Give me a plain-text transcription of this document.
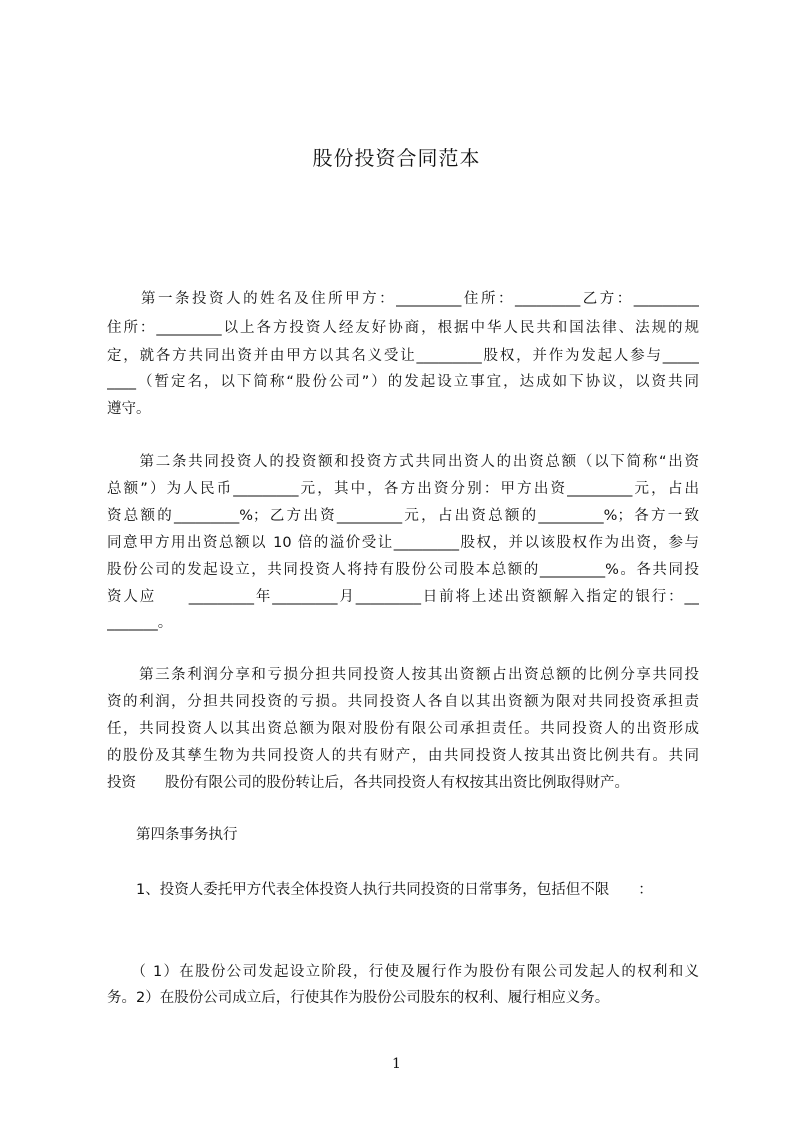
股份投资合同范本
　　第一条投资人的姓名及住所甲方：_________住所：_________乙方：_________
住所：_________以上各方投资人经友好协商，根据中华人民共和国法律、法规的规
定，就各方共同出资并由甲方以其名义受让_________股权，并作为发起人参与_____
____（暂定名，以下简称“股份公司”）的发起设立事宜，达成如下协议，以资共同
遵守。
　　第二条共同投资人的投资额和投资方式共同出资人的出资总额（以下简称“出资
总额”）为人民币_________元，其中，各方出资分别：甲方出资_________元，占出
资总额的_________%；乙方出资_________元，占出资总额的_________%；各方一致
同意甲方用出资总额以 10 倍的溢价受让_________股权，并以该股权作为出资，参与
股份公司的发起设立，共同投资人将持有股份公司股本总额的_________%。各共同投
资人应　　_________年_________月_________日前将上述出资额解入指定的银行：__
_______。
　　第三条利润分享和亏损分担共同投资人按其出资额占出资总额的比例分享共同投
资的利润，分担共同投资的亏损。共同投资人各自以其出资额为限对共同投资承担责
任，共同投资人以其出资总额为限对股份有限公司承担责任。共同投资人的出资形成
的股份及其孳生物为共同投资人的共有财产，由共同投资人按其出资比例共有。共同
投资　　股份有限公司的股份转让后，各共同投资人有权按其出资比例取得财产。
　　第四条事务执行
　　1、投资人委托甲方代表全体投资人执行共同投资的日常事务，包括但不限　　：
　　（ 1）在股份公司发起设立阶段，行使及履行作为股份有限公司发起人的权利和义
务。2）在股份公司成立后，行使其作为股份公司股东的权利、履行相应义务。
1
